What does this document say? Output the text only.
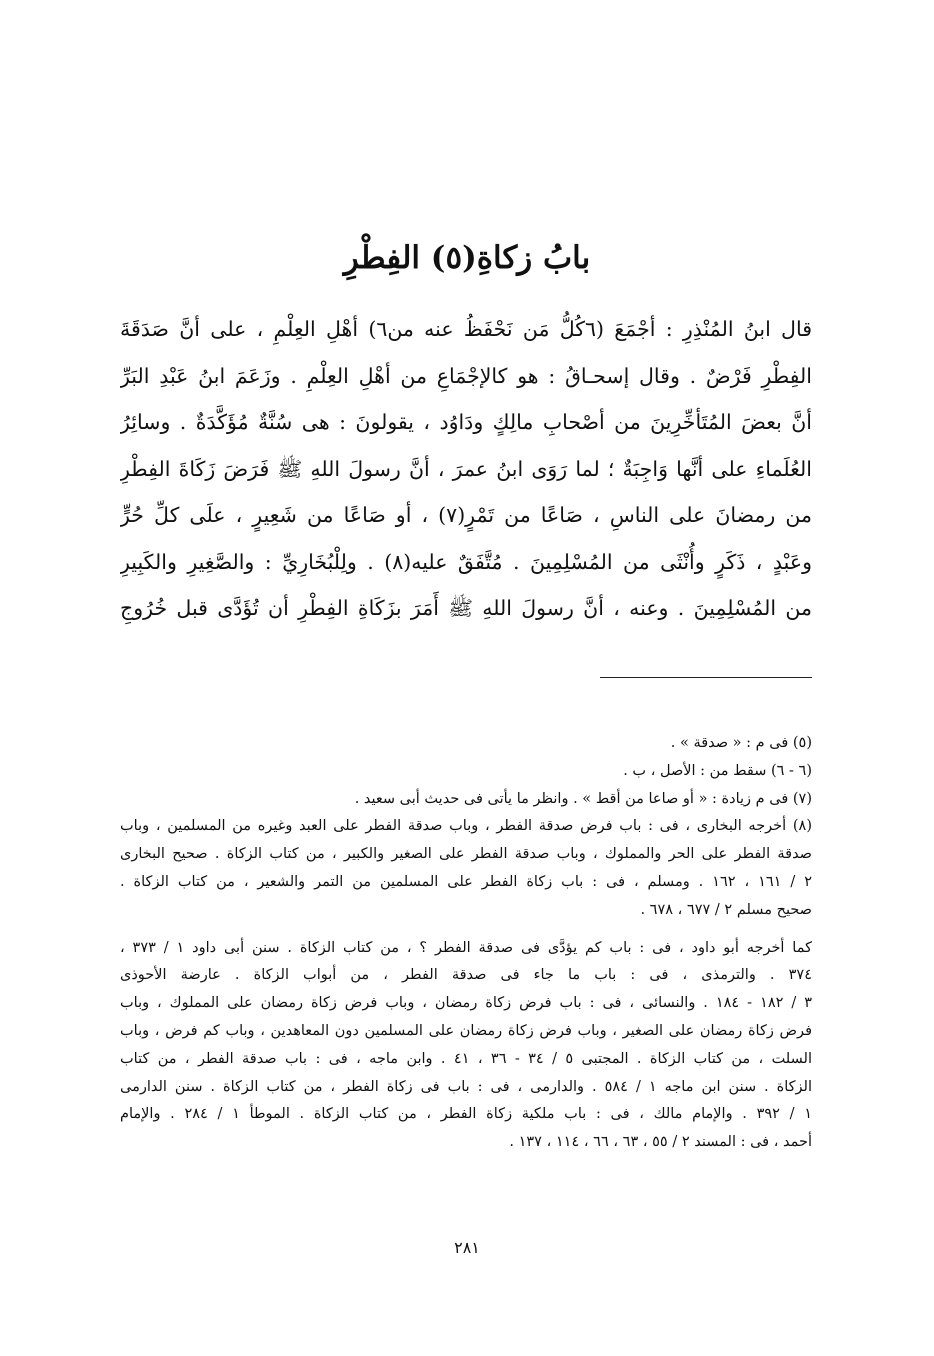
بابُ زكاةِ(٥) الفِطْرِ
قال ابنُ المُنْذِرِ : أجْمَعَ (٦كُلُّ مَن نَحْفَظُ عنه من٦) أهْلِ العِلْمِ ، على أنَّ صَدَقَةَ
الفِطْرِ فَرْضٌ . وقال إسحـاقُ : هو كالإجْمَاعِ من أهْلِ العِلْمِ . وزَعَمَ ابنُ عَبْدِ البَرِّ
أنَّ بعضَ المُتَأخِّرِينَ من أصْحابِ مالِكٍ ودَاوُد ، يقولونَ : هى سُنَّةٌ مُؤَكَّدَةٌ . وسائِرُ
العُلَماءِ على أنَّها وَاجِبَةٌ ؛ لما رَوَى ابنُ عمرَ ، أنَّ رسولَ اللهِ ﷺ فَرَضَ زَكَاةَ الفِطْرِ
من رمضانَ على الناسِ ، صَاعًا من تَمْرٍ(٧) ، أو صَاعًا من شَعِيرٍ ، علَى كلِّ حُرٍّ
وعَبْدٍ ، ذَكَرٍ وأُنْثَى من المُسْلِمِينَ . مُتَّفَقٌ عليه(٨) . ولِلْبُخَارِيِّ : والصَّغِيرِ والكَبِيرِ
من المُسْلِمِينَ . وعنه ، أنَّ رسولَ اللهِ ﷺ أَمَرَ بزَكَاةِ الفِطْرِ أن تُؤَدَّى قبل خُرُوجِ
(٥) فى م : « صدقة » .
(٦ - ٦) سقط من : الأصل ، ب .
(٧) فى م زيادة : « أو صاعا من أقط » . وانظر ما يأتى فى حديث أبى سعيد .
(٨) أخرجه البخارى ، فى : باب فرض صدقة الفطر ، وباب صدقة الفطر على العبد وغيره من المسلمين ، وباب
صدقة الفطر على الحر والمملوك ، وباب صدقة الفطر على الصغير والكبير ، من كتاب الزكاة . صحيح البخارى
٢ / ١٦١ ، ١٦٢ . ومسلم ، فى : باب زكاة الفطر على المسلمين من التمر والشعير ، من كتاب الزكاة .
صحيح مسلم ٢ / ٦٧٧ ، ٦٧٨ .
كما أخرجه أبو داود ، فى : باب كم يؤدَّى فى صدقة الفطر ؟ ، من كتاب الزكاة . سنن أبى داود ١ / ٣٧٣ ،
٣٧٤ . والترمذى ، فى : باب ما جاء فى صدقة الفطر ، من أبواب الزكاة . عارضة الأحوذى
٣ / ١٨٢ - ١٨٤ . والنسائى ، فى : باب فرض زكاة رمضان ، وباب فرض زكاة رمضان على المملوك ، وباب
فرض زكاة رمضان على الصغير ، وباب فرض زكاة رمضان على المسلمين دون المعاهدين ، وباب كم فرض ، وباب
السلت ، من كتاب الزكاة . المجتبى ٥ / ٣٤ - ٣٦ ، ٤١ . وابن ماجه ، فى : باب صدقة الفطر ، من كتاب
الزكاة . سنن ابن ماجه ١ / ٥٨٤ . والدارمى ، فى : باب فى زكاة الفطر ، من كتاب الزكاة . سنن الدارمى
١ / ٣٩٢ . والإمام مالك ، فى : باب ملكية زكاة الفطر ، من كتاب الزكاة . الموطأ ١ / ٢٨٤ . والإمام
أحمد ، فى : المسند ٢ / ٥٥ ، ٦٣ ، ٦٦ ، ١١٤ ، ١٣٧ .
٢٨١
